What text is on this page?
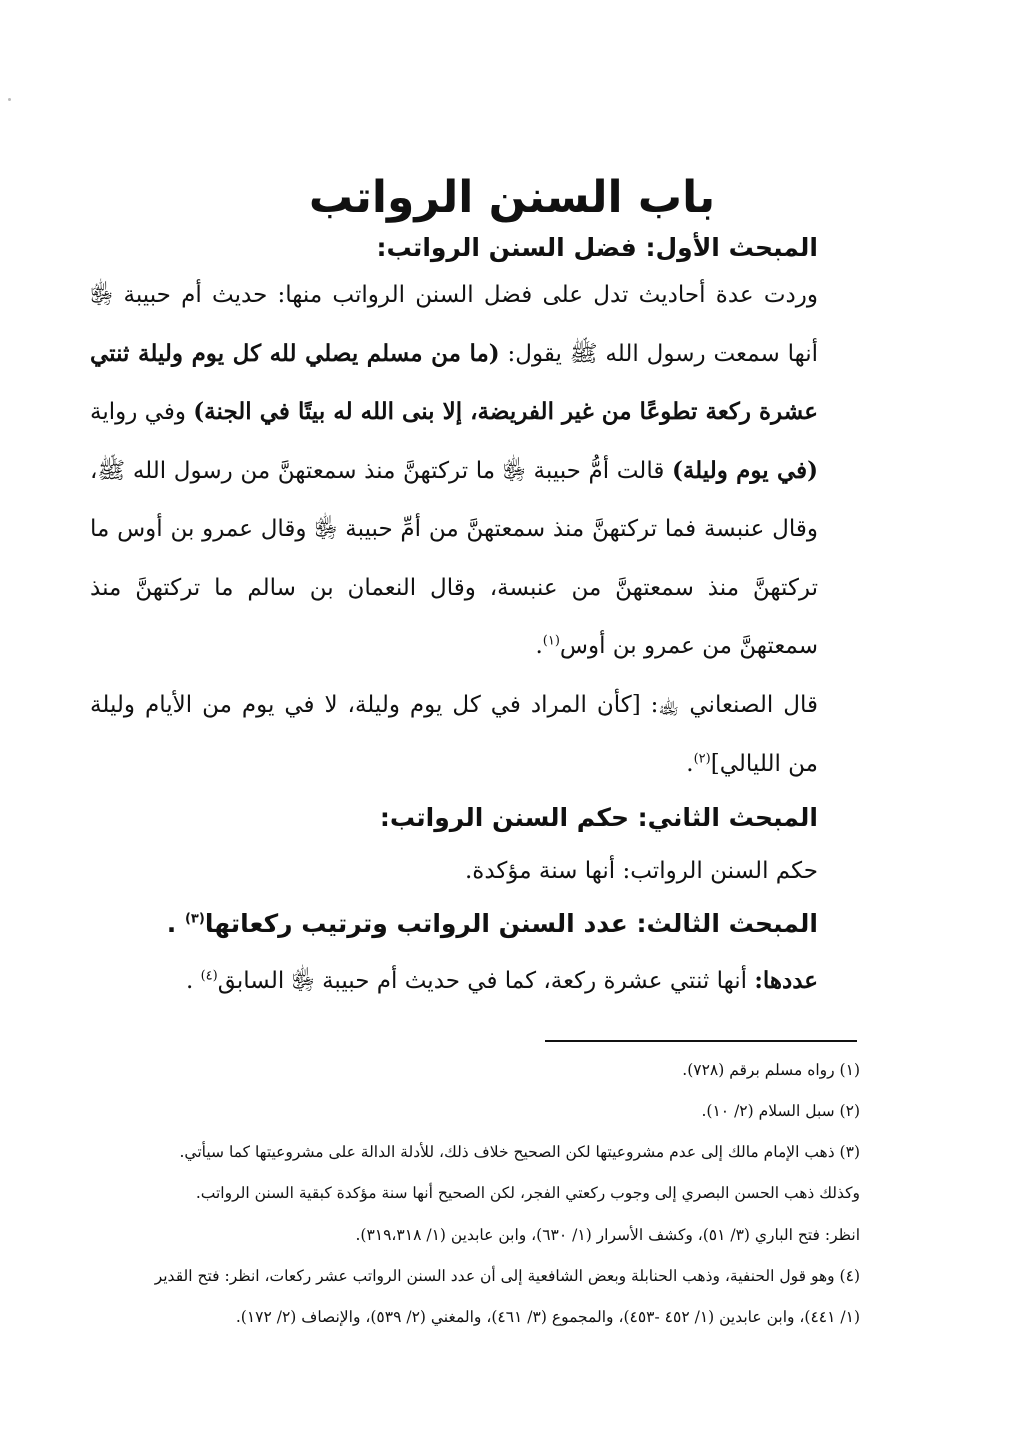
باب السنن الرواتب
المبحث الأول: فضل السنن الرواتب:
وردت عدة أحاديث تدل على فضل السنن الرواتب منها: حديث أم حبيبة ﵂ أنها سمعت رسول الله ﷺ يقول: (ما من مسلم يصلي لله كل يوم وليلة ثنتي عشرة ركعة تطوعًا من غير الفريضة، إلا بنى الله له بيتًا في الجنة) وفي رواية (في يوم وليلة) قالت أمُّ حبيبة ﵂ ما تركتهنَّ منذ سمعتهنَّ من رسول الله ﷺ، وقال عنبسة فما تركتهنَّ منذ سمعتهنَّ من أمِّ حبيبة ﵂ وقال عمرو بن أوس ما تركتهنَّ منذ سمعتهنَّ من عنبسة، وقال النعمان بن سالم ما تركتهنَّ منذ سمعتهنَّ من عمرو بن أوس$^{(١)}$.
قال الصنعاني ﵀: [كأن المراد في كل يوم وليلة، لا في يوم من الأيام وليلة من الليالي]$^{(٢)}$.
المبحث الثاني: حكم السنن الرواتب:
حكم السنن الرواتب: أنها سنة مؤكدة.
المبحث الثالث: عدد السنن الرواتب وترتيب ركعاتها$^{(٣)}$ .
عددها: أنها ثنتي عشرة ركعة، كما في حديث أم حبيبة ﵂ السابق$^{(٤)}$ .
(١) رواه مسلم برقم (٧٢٨).
(٢) سبل السلام (٢/ ١٠).
(٣) ذهب الإمام مالك إلى عدم مشروعيتها لكن الصحيح خلاف ذلك، للأدلة الدالة على مشروعيتها كما سيأتي.
وكذلك ذهب الحسن البصري إلى وجوب ركعتي الفجر، لكن الصحيح أنها سنة مؤكدة كبقية السنن الرواتب.
انظر: فتح الباري (٣/ ٥١)، وكشف الأسرار (١/ ٦٣٠)، وابن عابدين (١/ ٣١٩،٣١٨).
(٤) وهو قول الحنفية، وذهب الحنابلة وبعض الشافعية إلى أن عدد السنن الرواتب عشر ركعات، انظر: فتح القدير
(١/ ٤٤١)، وابن عابدين (١/ ٤٥٢ -٤٥٣)، والمجموع (٣/ ٤٦١)، والمغني (٢/ ٥٣٩)، والإنصاف (٢/ ١٧٢).
